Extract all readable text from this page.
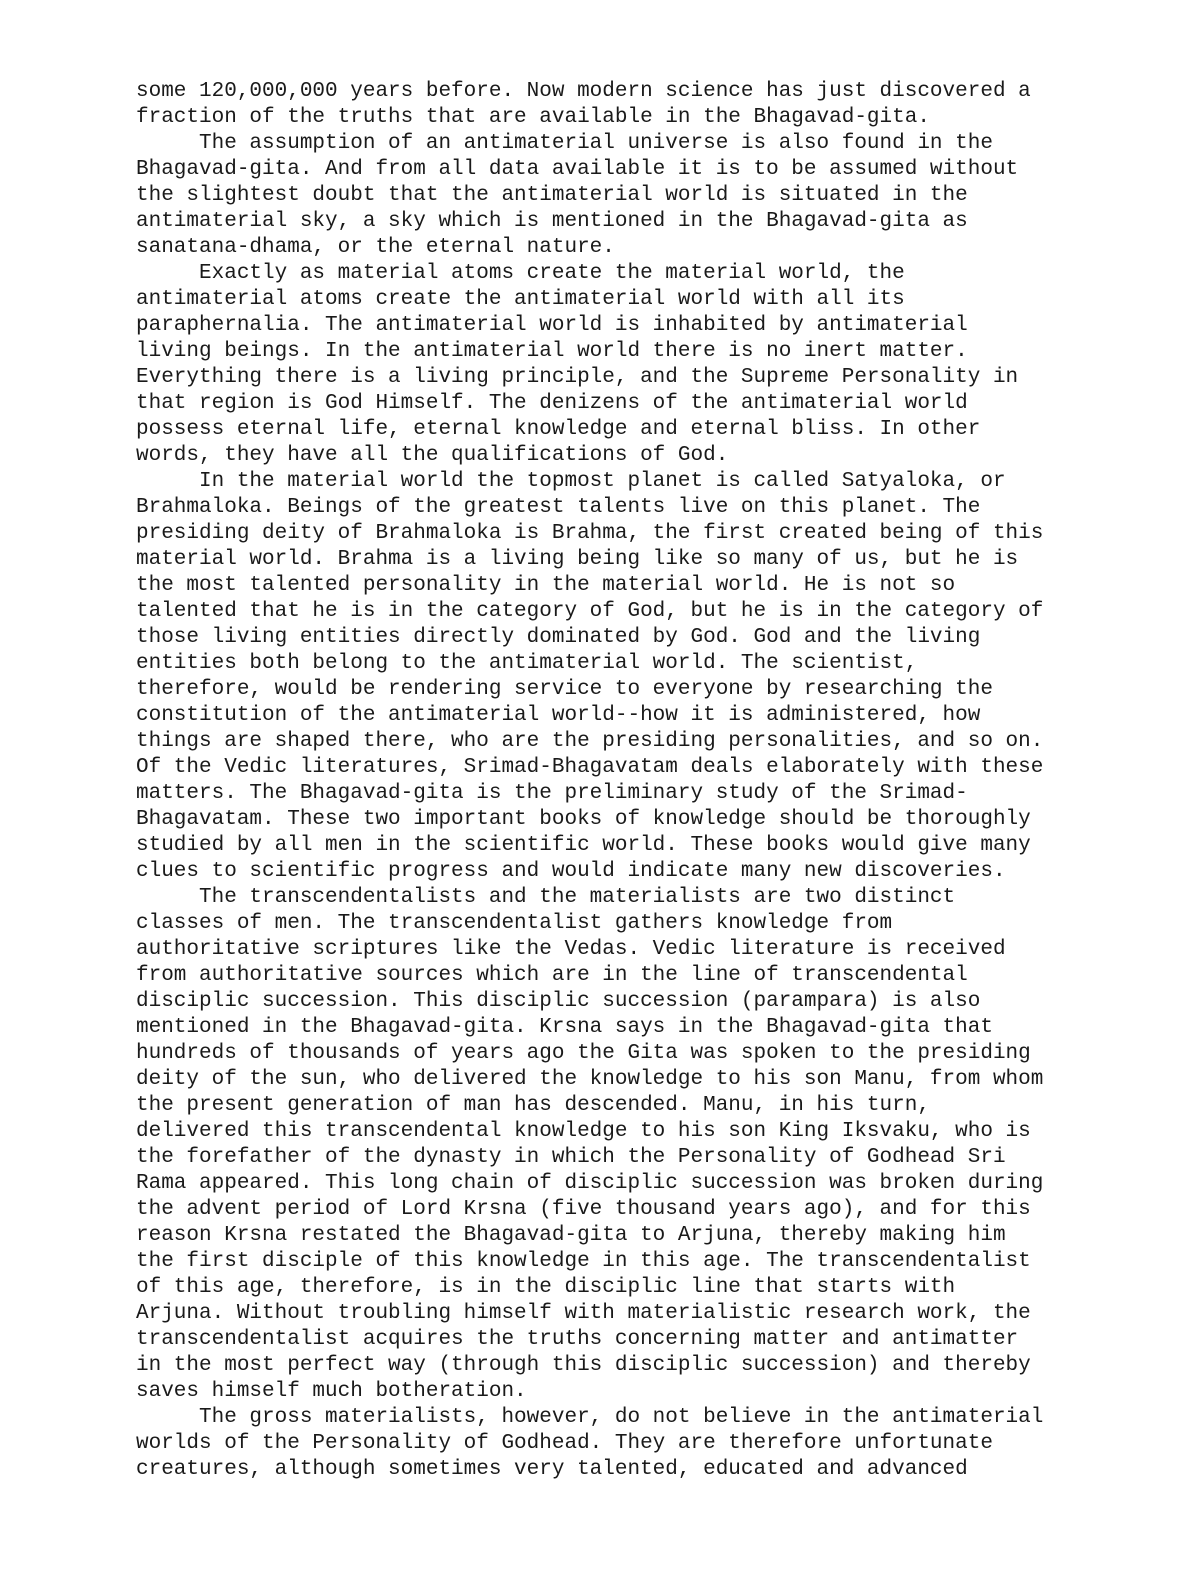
some 120,000,000 years before. Now modern science has just discovered a
fraction of the truths that are available in the Bhagavad-gita.
The assumption of an antimaterial universe is also found in the
Bhagavad-gita. And from all data available it is to be assumed without
the slightest doubt that the antimaterial world is situated in the
antimaterial sky, a sky which is mentioned in the Bhagavad-gita as
sanatana-dhama, or the eternal nature.
Exactly as material atoms create the material world, the
antimaterial atoms create the antimaterial world with all its
paraphernalia. The antimaterial world is inhabited by antimaterial
living beings. In the antimaterial world there is no inert matter.
Everything there is a living principle, and the Supreme Personality in
that region is God Himself. The denizens of the antimaterial world
possess eternal life, eternal knowledge and eternal bliss. In other
words, they have all the qualifications of God.
In the material world the topmost planet is called Satyaloka, or
Brahmaloka. Beings of the greatest talents live on this planet. The
presiding deity of Brahmaloka is Brahma, the first created being of this
material world. Brahma is a living being like so many of us, but he is
the most talented personality in the material world. He is not so
talented that he is in the category of God, but he is in the category of
those living entities directly dominated by God. God and the living
entities both belong to the antimaterial world. The scientist,
therefore, would be rendering service to everyone by researching the
constitution of the antimaterial world--how it is administered, how
things are shaped there, who are the presiding personalities, and so on.
Of the Vedic literatures, Srimad-Bhagavatam deals elaborately with these
matters. The Bhagavad-gita is the preliminary study of the Srimad-
Bhagavatam. These two important books of knowledge should be thoroughly
studied by all men in the scientific world. These books would give many
clues to scientific progress and would indicate many new discoveries.
The transcendentalists and the materialists are two distinct
classes of men. The transcendentalist gathers knowledge from
authoritative scriptures like the Vedas. Vedic literature is received
from authoritative sources which are in the line of transcendental
disciplic succession. This disciplic succession (parampara) is also
mentioned in the Bhagavad-gita. Krsna says in the Bhagavad-gita that
hundreds of thousands of years ago the Gita was spoken to the presiding
deity of the sun, who delivered the knowledge to his son Manu, from whom
the present generation of man has descended. Manu, in his turn,
delivered this transcendental knowledge to his son King Iksvaku, who is
the forefather of the dynasty in which the Personality of Godhead Sri
Rama appeared. This long chain of disciplic succession was broken during
the advent period of Lord Krsna (five thousand years ago), and for this
reason Krsna restated the Bhagavad-gita to Arjuna, thereby making him
the first disciple of this knowledge in this age. The transcendentalist
of this age, therefore, is in the disciplic line that starts with
Arjuna. Without troubling himself with materialistic research work, the
transcendentalist acquires the truths concerning matter and antimatter
in the most perfect way (through this disciplic succession) and thereby
saves himself much botheration.
The gross materialists, however, do not believe in the antimaterial
worlds of the Personality of Godhead. They are therefore unfortunate
creatures, although sometimes very talented, educated and advanced
